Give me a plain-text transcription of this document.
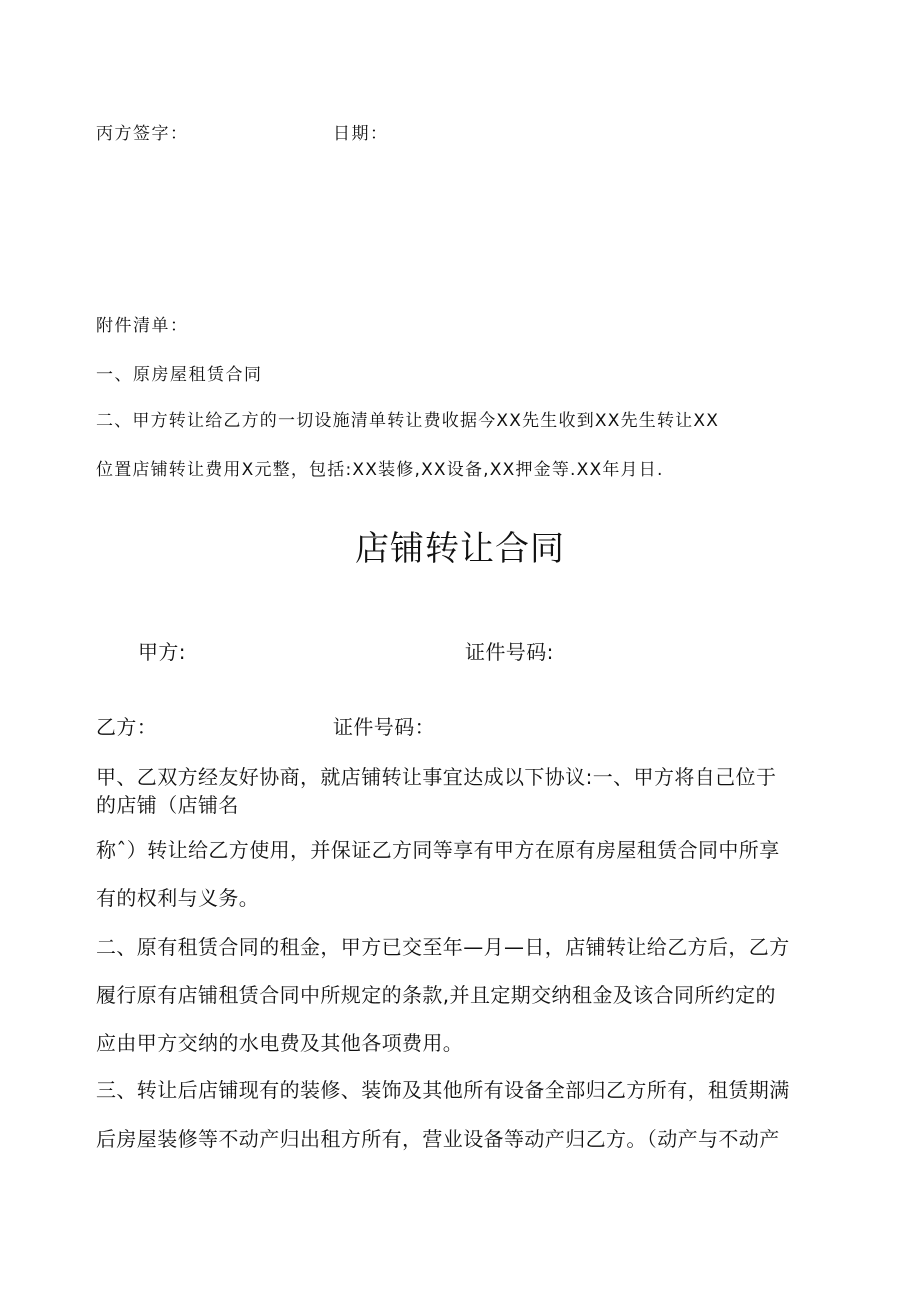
丙方签字：	日期：
附件清单：
一、原房屋租赁合同
二、甲方转让给乙方的一切设施清单转让费收据今XX先生收到XX先生转让XX
位置店铺转让费用X元整，包括:XX装修,XX设备,XX押金等.XX年月日.
店铺转让合同
甲方:	证件号码:
乙方：	证件号码：
甲、乙双方经友好协商，就店铺转让事宜达成以下协议:一、甲方将自己位于
的店铺（店铺名
称ˆ）转让给乙方使用，并保证乙方同等享有甲方在原有房屋租赁合同中所享
有的权利与义务。
二、原有租赁合同的租金，甲方已交至年—月—日，店铺转让给乙方后，乙方
履行原有店铺租赁合同中所规定的条款,并且定期交纳租金及该合同所约定的
应由甲方交纳的水电费及其他各项费用。
三、转让后店铺现有的装修、装饰及其他所有设备全部归乙方所有，租赁期满
后房屋装修等不动产归出租方所有，营业设备等动产归乙方。（动产与不动产
